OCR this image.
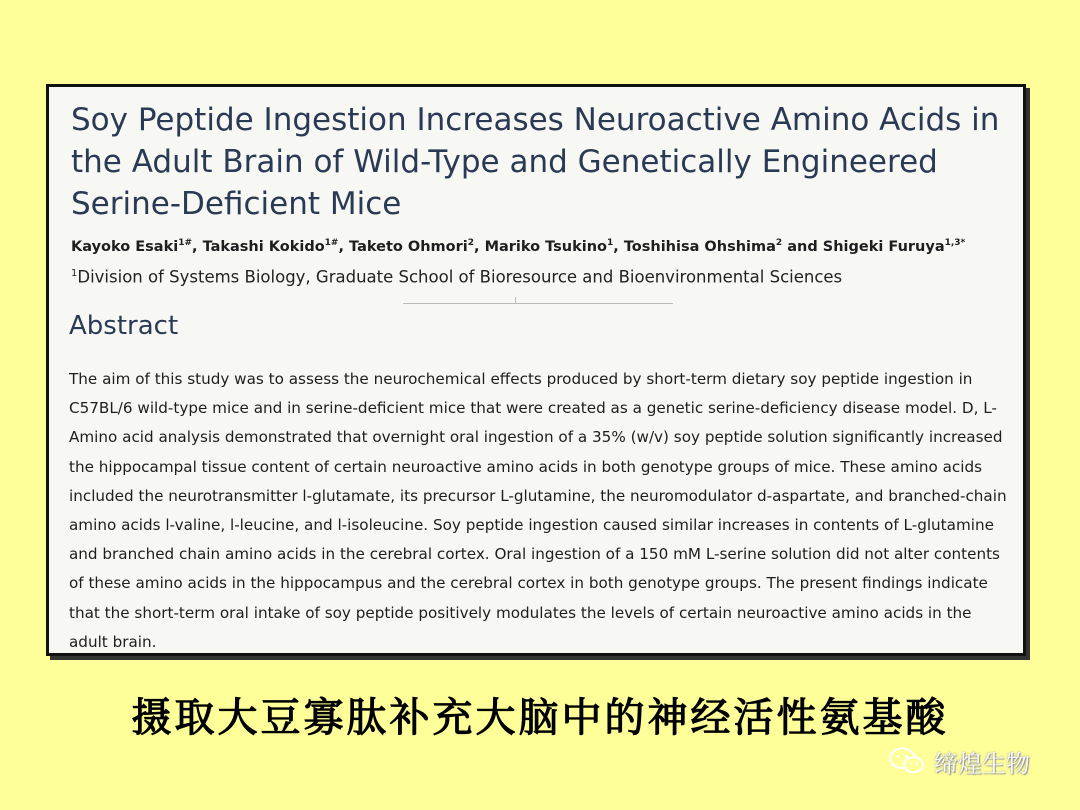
Soy Peptide Ingestion Increases Neuroactive Amino Acids in the Adult Brain of Wild-Type and Genetically Engineered Serine-Deficient Mice
Kayoko Esaki$^{1\#}$, Takashi Kokido$^{1\#}$, Taketo Ohmori$^2$, Mariko Tsukino$^1$, Toshihisa Ohshima$^2$ and Shigeki Furuya$^{1,3*}$
$^1$Division of Systems Biology, Graduate School of Bioresource and Bioenvironmental Sciences
Abstract

The aim of this study was to assess the neurochemical effects produced by short-term dietary soy peptide ingestion in C57BL/6 wild-type mice and in serine-deficient mice that were created as a genetic serine-deficiency disease model. D, L-Amino acid analysis demonstrated that overnight oral ingestion of a 35% (w/v) soy peptide solution significantly increased the hippocampal tissue content of certain neuroactive amino acids in both genotype groups of mice. These amino acids included the neurotransmitter l-glutamate, its precursor L-glutamine, the neuromodulator d-aspartate, and branched-chain amino acids l-valine, l-leucine, and l-isoleucine. Soy peptide ingestion caused similar increases in contents of L-glutamine and branched chain amino acids in the cerebral cortex. Oral ingestion of a 150 mM L-serine solution did not alter contents of these amino acids in the hippocampus and the cerebral cortex in both genotype groups. The present findings indicate that the short-term oral intake of soy peptide positively modulates the levels of certain neuroactive amino acids in the adult brain.

摄取大豆寡肽补充大脑中的神经活性氨基酸
缔煌生物
